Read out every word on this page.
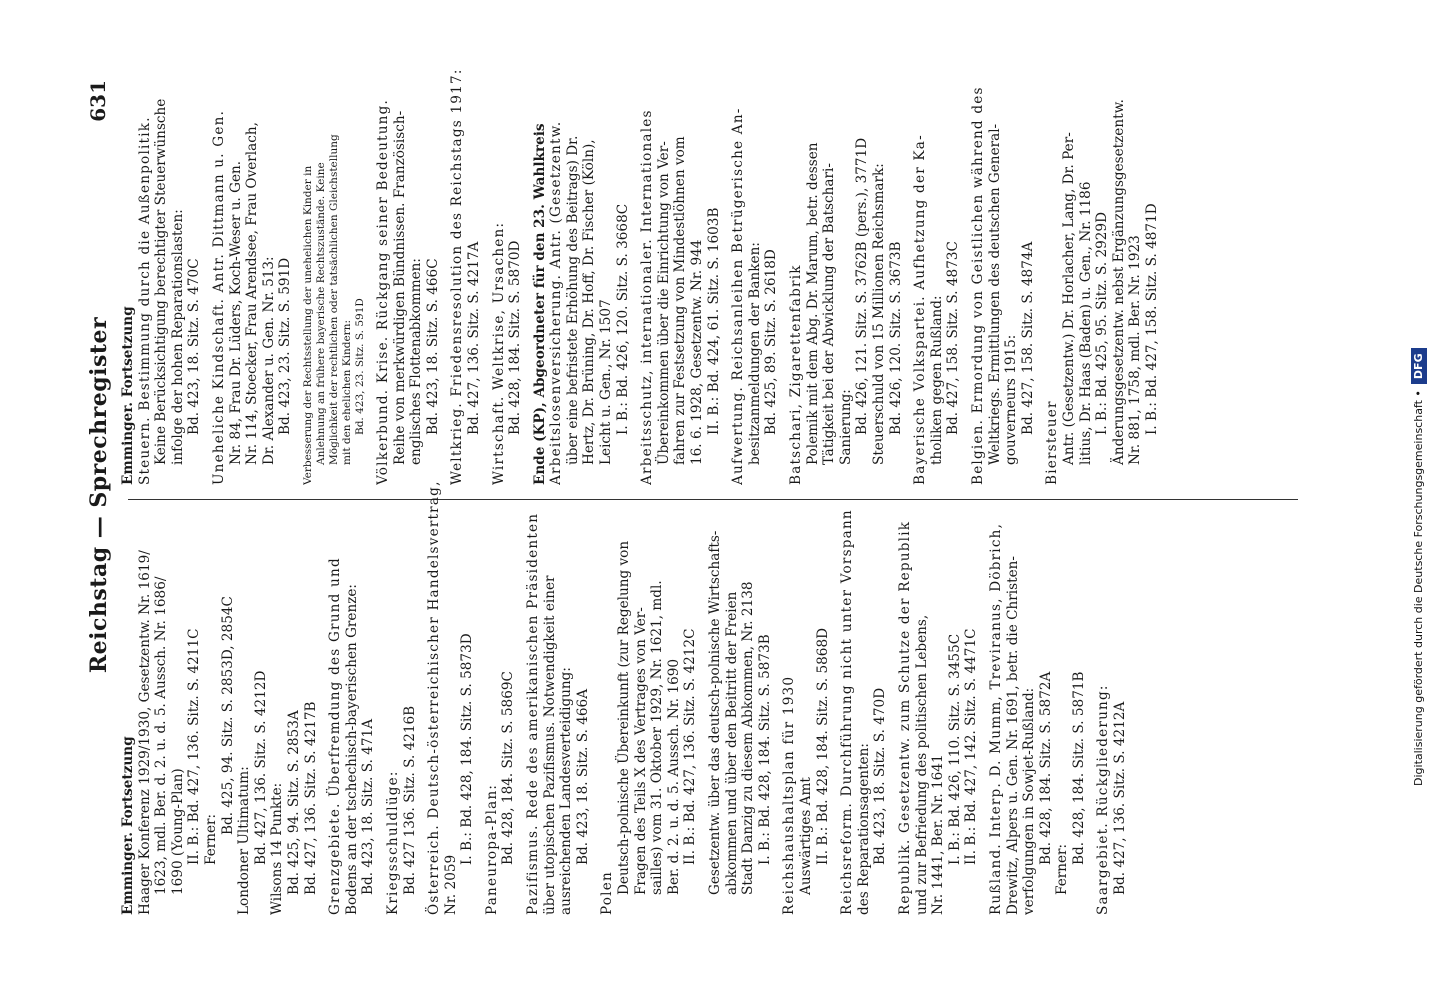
Reichstag — Sprechregister
631
Emminger. Fortsetzung Haager Konferenz 1929/1930, Gesetzentw. Nr. 1619/ 1623, mdl. Ber. d. 2. u. d. 5. Aussch. Nr. 1686/ 1690 (Young-Plan) II. B.: Bd. 427, 136. Sitz. S. 4211C Ferner:
Bd. 425, 94. Sitz. S. 2853D, 2854C
Londoner Ultimatum: Bd. 427, 136. Sitz. S. 4212D Wilsons 14 Punkte: Bd. 425, 94. Sitz. S. 2853A Bd. 427, 136. Sitz. S. 4217B Grenzgebiete. Überfremdung des Grund und Bodens an der tschechisch-bayerischen Grenze: Bd. 423, 18. Sitz. S. 471A Kriegsschuldlüge: Bd. 427 136. Sitz. S. 4216B Österreich. Deutsch-österreichischer Handelsvertrag, Nr. 2059
I. B.: Bd. 428, 184. Sitz. S. 5873D Paneuropa-Plan: Bd. 428, 184. Sitz. S. 5869C Pazifismus. Rede des amerikanischen Präsidenten über utopischen Pazifismus. Notwendigkeit einer ausreichenden Landesverteidigung: Bd. 423, 18. Sitz. S. 466A
Polen Deutsch-polnische Übereinkunft (zur Regelung von Fragen des Teils X des Vertrages von Ver- sailles) vom 31. Oktober 1929, Nr. 1621, mdl. Ber. d. 2. u. d. 5. Aussch. Nr. 1690 II. B.: Bd. 427, 136. Sitz. S. 4212C Gesetzentw. über das deutsch-polnische Wirtschafts- abkommen und über den Beitritt der Freien Stadt Danzig zu diesem Abkommen, Nr. 2138 I. B.: Bd. 428, 184. Sitz. S. 5873B Reichshaushaltsplan für 1930 Auswärtiges Amt II. B.: Bd. 428, 184. Sitz. S. 5868D Reichsreform. Durchführung nicht unter Vorspann des Reparationsagenten: Bd. 423, 18. Sitz. S. 470D Republik. Gesetzentw. zum Schutze der Republik und zur Befriedung des politischen Lebens, Nr. 1441, Ber. Nr. 1641 I. B.: Bd. 426, 110. Sitz. S. 3455C II. B.: Bd. 427, 142. Sitz. S. 4471C Rußland. Interp. D. Mumm, Treviranus, Döbrich, Drewitz, Alpers u. Gen. Nr. 1691, betr. die Christen- verfolgungen in Sowjet-Rußland: Bd. 428, 184. Sitz. S. 5872A
Ferner:
Bd. 428, 184. Sitz. S. 5871B Saargebiet. Rückgliederung: Bd. 427, 136. Sitz. S. 4212A
Emminger. Fortsetzung Steuern. Bestimmung durch die Außenpolitik. Keine Berücksichtigung berechtigter Steuerwünsche infolge der hohen Reparationslasten: Bd. 423, 18. Sitz. S. 470C Uneheliche Kindschaft. Antr. Dittmann u. Gen. Nr. 84, Frau Dr. Lüders, Koch-Weser u. Gen. Nr. 114, Stoecker, Frau Arendsee, Frau Overlach, Dr. Alexander u. Gen. Nr. 513: Bd. 423, 23. Sitz. S. 591D Verbesserung der Rechtsstellung der unehelichen Kinder in Anlehnung an frühere bayerische Rechtszustände. Keine Möglichkeit der rechtlichen oder tatsächlichen Gleichstellung mit den ehelichen Kindern: Bd. 423, 23. Sitz. S. 591D Völkerbund. Krise. Rückgang seiner Bedeutung. Reihe von merkwürdigen Bündnissen. Französisch- englisches Flottenabkommen: Bd. 423, 18. Sitz. S. 466C Weltkrieg. Friedensresolution des Reichstags 1917: Bd. 427, 136. Sitz. S. 4217A Wirtschaft. Weltkrise, Ursachen: Bd. 428, 184. Sitz. S. 5870D Ende (KP), Abgeordneter für den 23. Wahlkreis Arbeitslosenversicherung. Antr. (Gesetzentw. über eine befristete Erhöhung des Beitrags) Dr. Hertz, Dr. Brüning, Dr. Hoff, Dr. Fischer (Köln), Leicht u. Gen., Nr. 1507 I. B.: Bd. 426, 120. Sitz. S. 3668C Arbeitsschutz, internationaler. Internationales Übereinkommen über die Einrichtung von Ver- fahren zur Festsetzung von Mindestlöhnen vom 16. 6. 1928, Gesetzentw. Nr. 944 II. B.: Bd. 424, 61. Sitz. S. 1603B Aufwertung. Reichsanleihen Betrügerische An- besitzanmeldungen der Banken: Bd. 425, 89. Sitz. S. 2618D Batschari, Zigarettenfabrik Polemik mit dem Abg. Dr. Marum, betr. dessen Tätigkeit bei der Abwicklung der Batschari- Sanierung: Bd. 426, 121. Sitz. S. 3762B (pers.), 3771D Steuerschuld von 15 Millionen Reichsmark: Bd. 426, 120. Sitz. S. 3673B Bayerische Volkspartei. Aufhetzung der Ka- tholiken gegen Rußland: Bd. 427, 158. Sitz. S. 4873C Belgien. Ermordung von Geistlichen während des Weltkriegs. Ermittlungen des deutschen General- gouverneurs 1915: Bd. 427, 158. Sitz. S. 4874A
Biersteuer Antr. (Gesetzentw.) Dr. Horlacher, Lang, Dr. Per- litius, Dr. Haas (Baden) u. Gen., Nr. 1186 I. B.: Bd. 425, 95. Sitz. S. 2929D Änderungsgesetzentw. nebst Ergänzungsgesetzentw. Nr. 881, 1758, mdl. Ber. Nr. 1923 I. B.: Bd. 427, 158. Sitz. S. 4871D
Digitalisierung gefördert durch die Deutsche Forschungsgemeinschaft •DFG
